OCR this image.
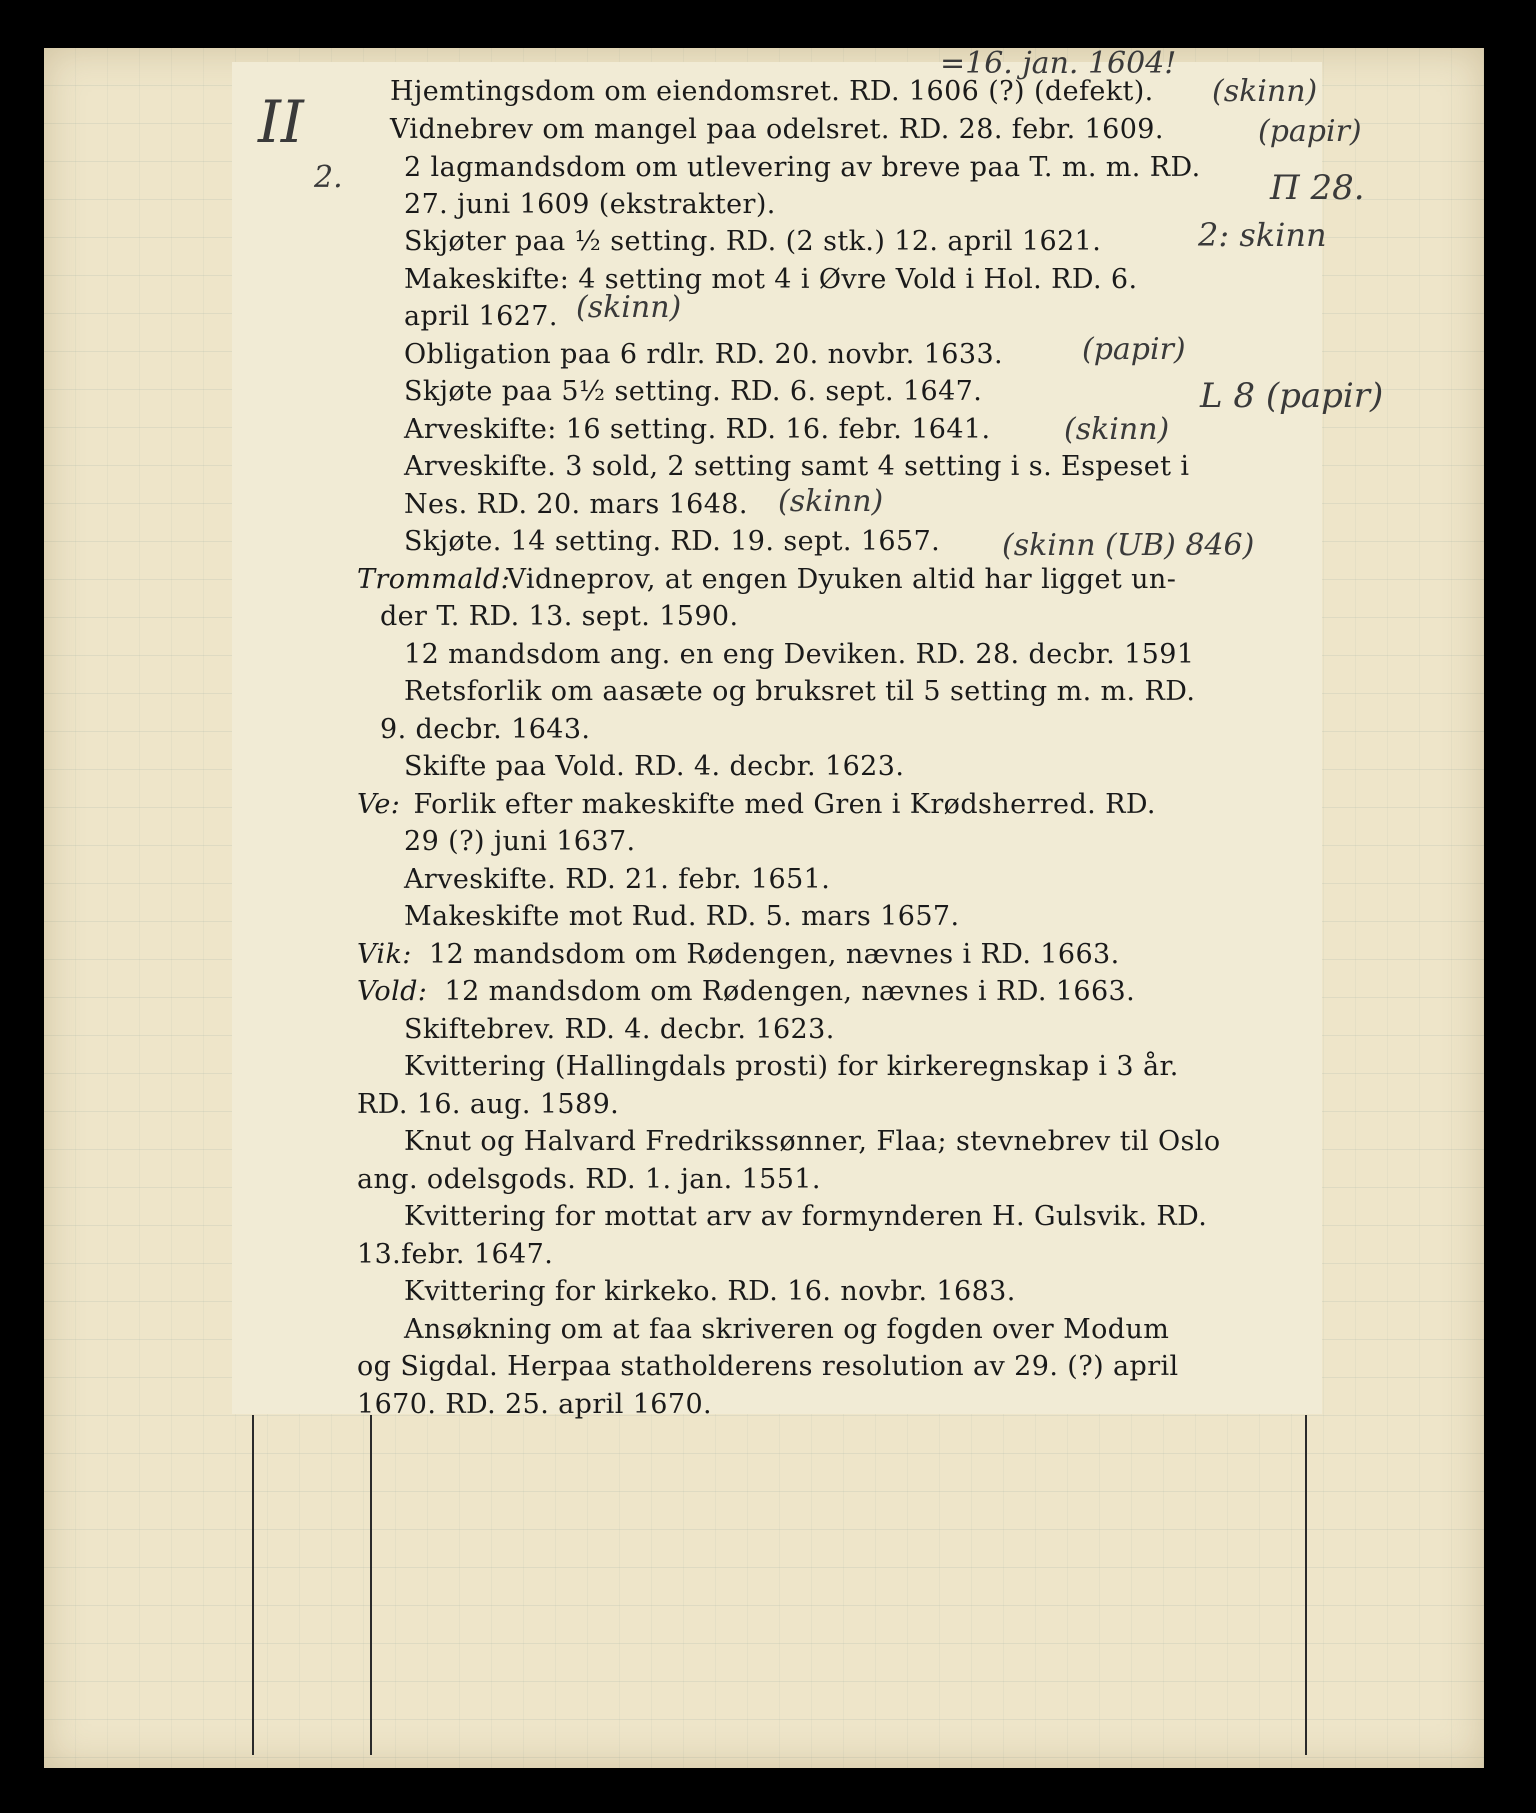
Hjemtingsdom om eiendomsret. RD. 1606 (?) (defekt).
Vidnebrev om mangel paa odelsret. RD. 28. febr. 1609.
2 lagmandsdom om utlevering av breve paa T. m. m. RD.
27. juni 1609 (ekstrakter).
Skjøter paa ½ setting. RD. (2 stk.) 12. april 1621.
Makeskifte: 4 setting mot 4 i Øvre Vold i Hol. RD. 6.
april 1627.
Obligation paa 6 rdlr. RD. 20. novbr. 1633.
Skjøte paa 5½ setting. RD. 6. sept. 1647.
Arveskifte: 16 setting. RD. 16. febr. 1641.
Arveskifte. 3 sold, 2 setting samt 4 setting i s. Espeset i
Nes. RD. 20. mars 1648.
Skjøte. 14 setting. RD. 19. sept. 1657.
Trommald:
Vidneprov, at engen Dyuken altid har ligget un-
der T. RD. 13. sept. 1590.
12 mandsdom ang. en eng Deviken. RD. 28. decbr. 1591
Retsforlik om aasæte og bruksret til 5 setting m. m. RD.
9. decbr. 1643.
Skifte paa Vold. RD. 4. decbr. 1623.
Ve: Forlik efter makeskifte med Gren i Krødsherred. RD.
29 (?) juni 1637.
Arveskifte. RD. 21. febr. 1651.
Makeskifte mot Rud. RD. 5. mars 1657.
Vik: 12 mandsdom om Rødengen, nævnes i RD. 1663.
Vold: 12 mandsdom om Rødengen, nævnes i RD. 1663.
Skiftebrev. RD. 4. decbr. 1623.
Kvittering (Hallingdals prosti) for kirkeregnskap i 3 år.
RD. 16. aug. 1589.
Knut og Halvard Fredrikssønner, Flaa; stevnebrev til Oslo
ang. odelsgods. RD. 1. jan. 1551.
Kvittering for mottat arv av formynderen H. Gulsvik. RD.
13.febr. 1647.
Kvittering for kirkeko. RD. 16. novbr. 1683.
Ansøkning om at faa skriveren og fogden over Modum
og Sigdal. Herpaa statholderens resolution av 29. (?) april
1670. RD. 25. april 1670.
=16. jan. 1604!
II	(skinn)
(papir)
П 28.
2: skinn
(skinn)
(papir)
L 8 (papir)
(skinn)
(skinn)
(skinn (UB) 846)
2.
